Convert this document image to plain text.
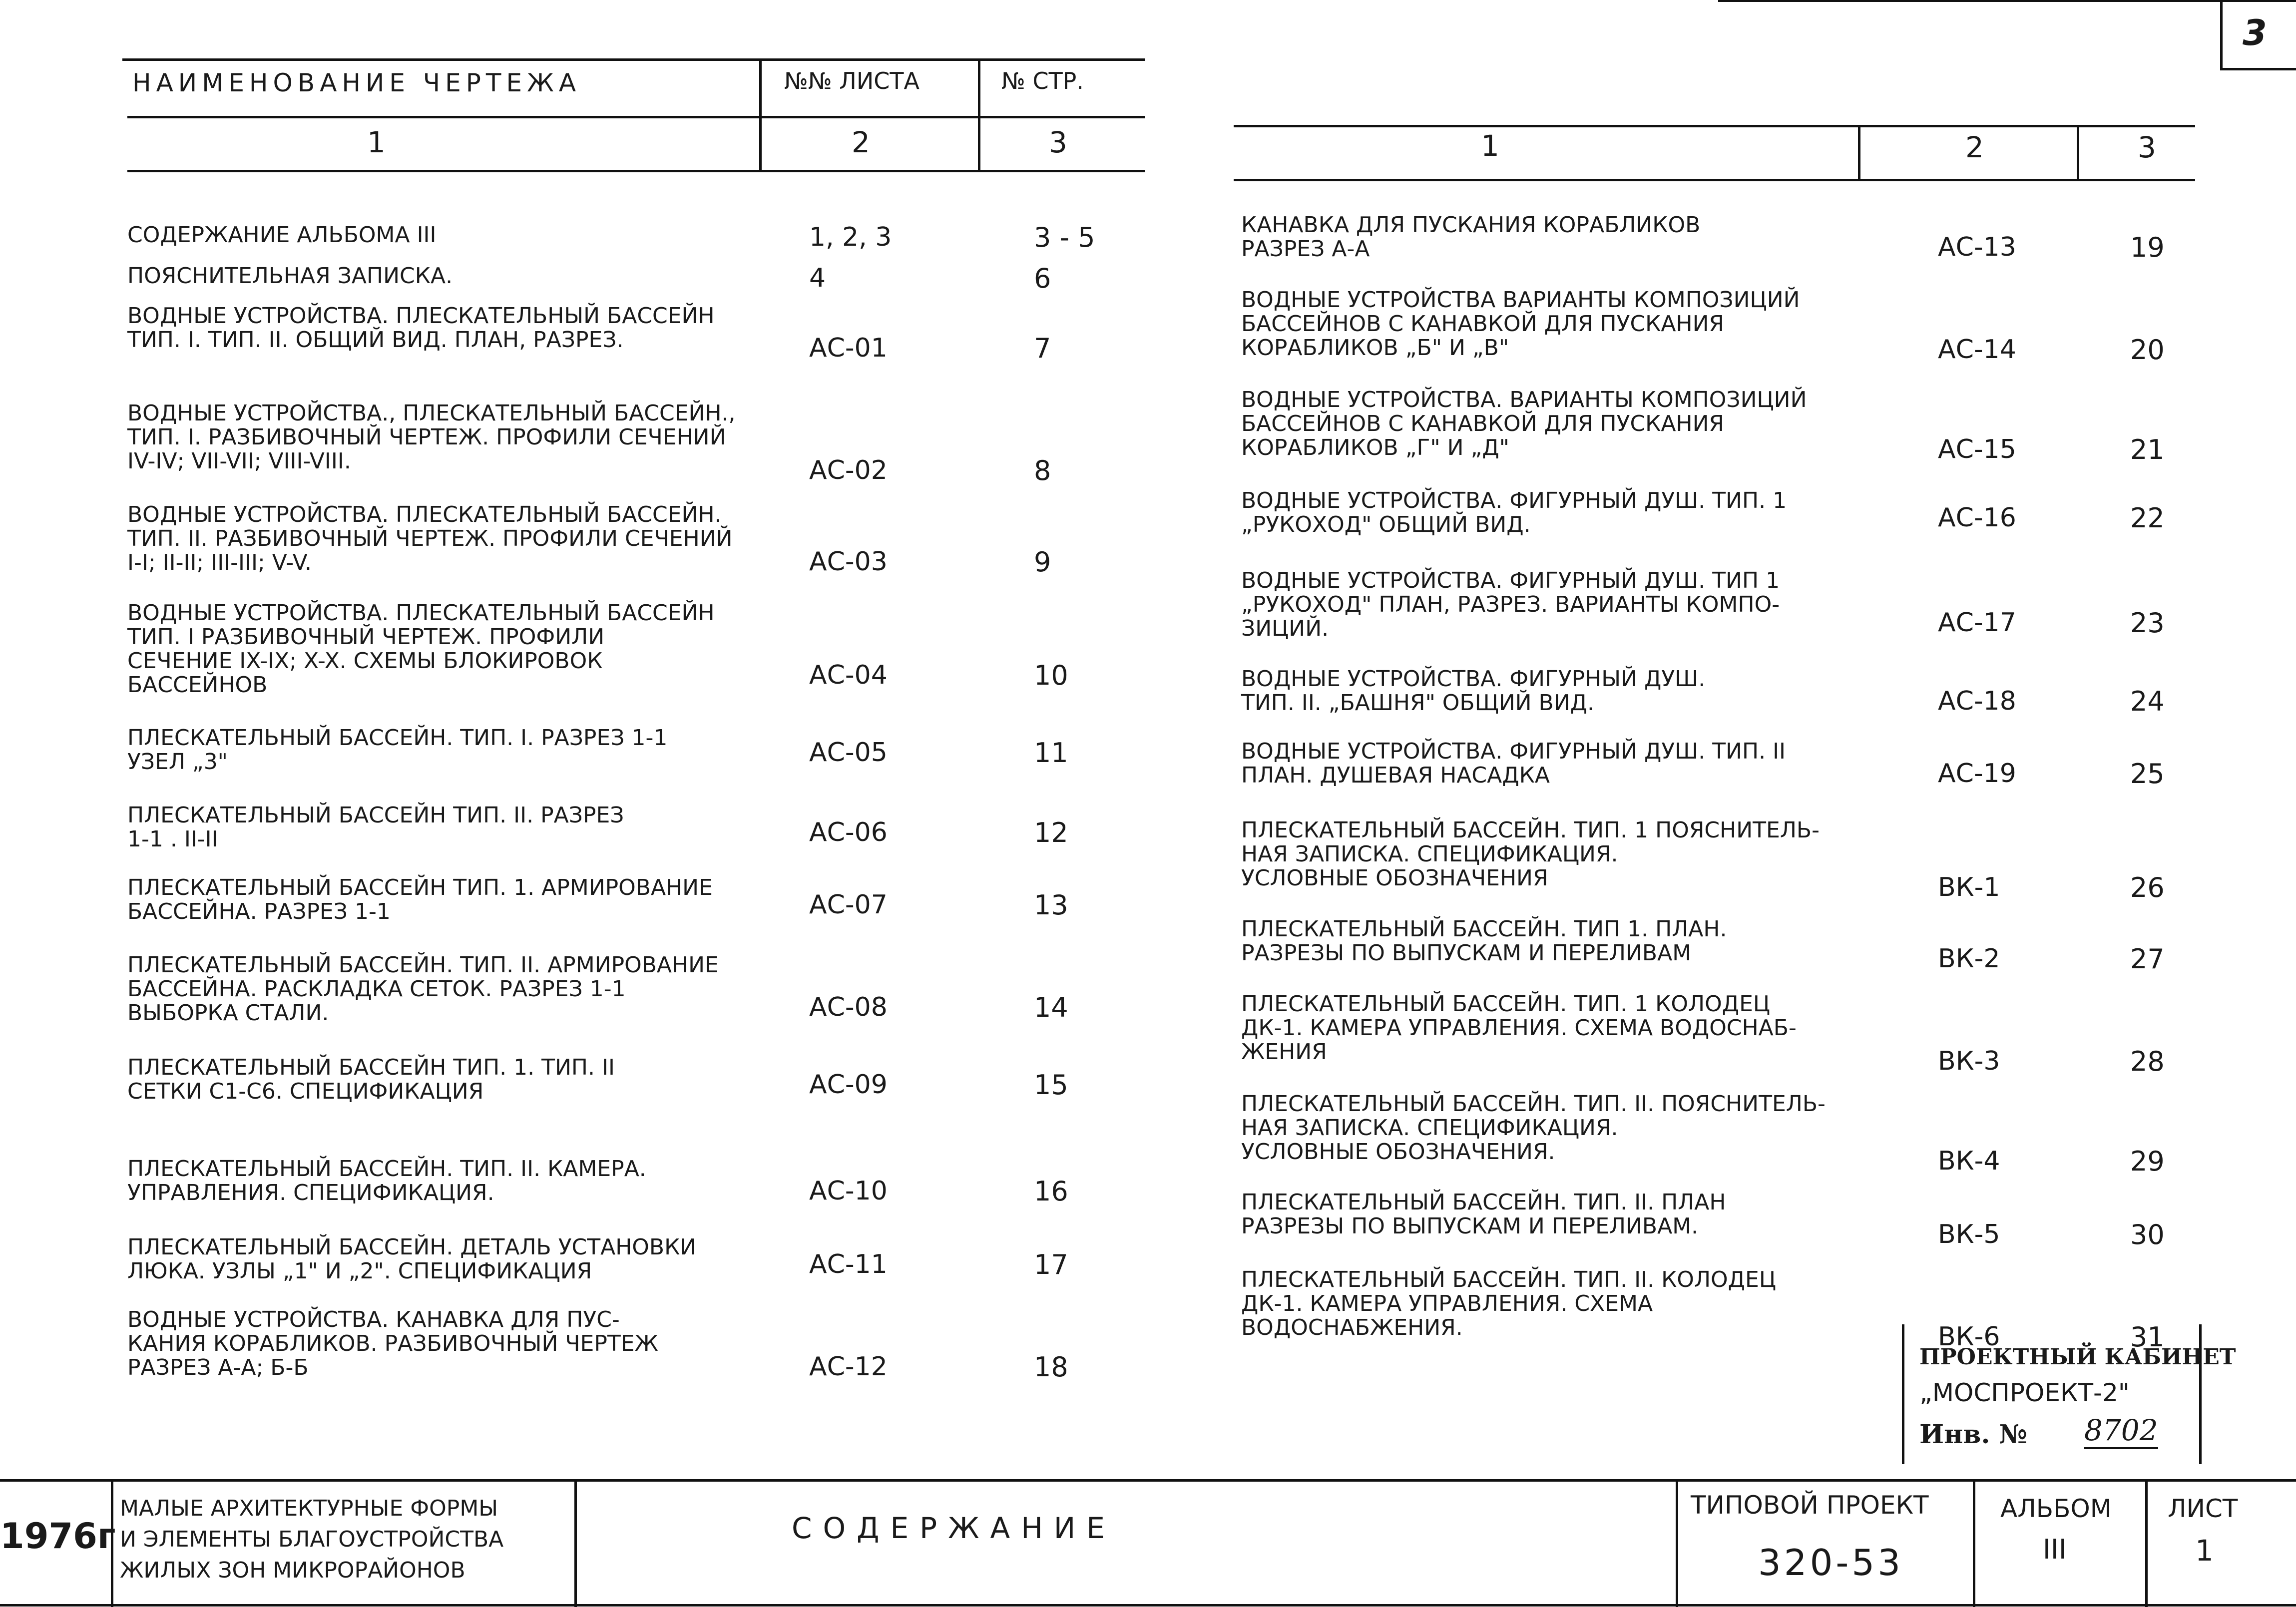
3
НАИМЕНОВАНИЕ ЧЕРТЕЖА	№№ ЛИСТА	№ СТР.
1	2	3
СОДЕРЖАНИЕ АЛЬБОМА III	1, 2, 3	3 - 5
ПОЯСНИТЕЛЬНАЯ ЗАПИСКА.	4	6
ВОДНЫЕ УСТРОЙСТВА. ПЛЕСКАТЕЛЬНЫЙ БАССЕЙН
ТИП. I. ТИП. II. ОБЩИЙ ВИД. ПЛАН, РАЗРЕЗ.	АС-01	7
ВОДНЫЕ УСТРОЙСТВА., ПЛЕСКАТЕЛЬНЫЙ БАССЕЙН.,
ТИП. I. РАЗБИВОЧНЫЙ ЧЕРТЕЖ. ПРОФИЛИ СЕЧЕНИЙ
IV-IV; VII-VII; VIII-VIII.	АС-02	8
ВОДНЫЕ УСТРОЙСТВА. ПЛЕСКАТЕЛЬНЫЙ БАССЕЙН.
ТИП. II. РАЗБИВОЧНЫЙ ЧЕРТЕЖ. ПРОФИЛИ СЕЧЕНИЙ
I-I; II-II; III-III; V-V.	АС-03	9
ВОДНЫЕ УСТРОЙСТВА. ПЛЕСКАТЕЛЬНЫЙ БАССЕЙН
ТИП. I РАЗБИВОЧНЫЙ ЧЕРТЕЖ. ПРОФИЛИ
СЕЧЕНИЕ IX-IX; X-X. СХЕМЫ БЛОКИРОВОК
БАССЕЙНОВ	АС-04	10
ПЛЕСКАТЕЛЬНЫЙ БАССЕЙН. ТИП. I. РАЗРЕЗ 1-1
УЗЕЛ „3"	АС-05	11
ПЛЕСКАТЕЛЬНЫЙ БАССЕЙН ТИП. II. РАЗРЕЗ
1-1 . II-II	АС-06	12
ПЛЕСКАТЕЛЬНЫЙ БАССЕЙН ТИП. 1. АРМИРОВАНИЕ
БАССЕЙНА. РАЗРЕЗ 1-1	АС-07	13
ПЛЕСКАТЕЛЬНЫЙ БАССЕЙН. ТИП. II. АРМИРОВАНИЕ
БАССЕЙНА. РАСКЛАДКА СЕТОК. РАЗРЕЗ 1-1
ВЫБОРКА СТАЛИ.	АС-08	14
ПЛЕСКАТЕЛЬНЫЙ БАССЕЙН ТИП. 1. ТИП. II
СЕТКИ С1-С6. СПЕЦИФИКАЦИЯ	АС-09	15
ПЛЕСКАТЕЛЬНЫЙ БАССЕЙН. ТИП. II. КАМЕРА.
УПРАВЛЕНИЯ. СПЕЦИФИКАЦИЯ.	АС-10	16
ПЛЕСКАТЕЛЬНЫЙ БАССЕЙН. ДЕТАЛЬ УСТАНОВКИ
ЛЮКА. УЗЛЫ „1" И „2". СПЕЦИФИКАЦИЯ	АС-11	17
ВОДНЫЕ УСТРОЙСТВА. КАНАВКА ДЛЯ ПУС-
КАНИЯ КОРАБЛИКОВ. РАЗБИВОЧНЫЙ ЧЕРТЕЖ
РАЗРЕЗ А-А; Б-Б	АС-12	18
1	2	3
КАНАВКА ДЛЯ ПУСКАНИЯ КОРАБЛИКОВ
РАЗРЕЗ А-А	АС-13	19
ВОДНЫЕ УСТРОЙСТВА ВАРИАНТЫ КОМПОЗИЦИЙ
БАССЕЙНОВ С КАНАВКОЙ ДЛЯ ПУСКАНИЯ
КОРАБЛИКОВ „Б" И „В"	АС-14	20
ВОДНЫЕ УСТРОЙСТВА. ВАРИАНТЫ КОМПОЗИЦИЙ
БАССЕЙНОВ С КАНАВКОЙ ДЛЯ ПУСКАНИЯ
КОРАБЛИКОВ „Г" И „Д"	АС-15	21
ВОДНЫЕ УСТРОЙСТВА. ФИГУРНЫЙ ДУШ. ТИП. 1
„РУКОХОД" ОБЩИЙ ВИД.	АС-16	22
ВОДНЫЕ УСТРОЙСТВА. ФИГУРНЫЙ ДУШ. ТИП 1
„РУКОХОД" ПЛАН, РАЗРЕЗ. ВАРИАНТЫ КОМПО-
ЗИЦИЙ.	АС-17	23
ВОДНЫЕ УСТРОЙСТВА. ФИГУРНЫЙ ДУШ.
ТИП. II. „БАШНЯ" ОБЩИЙ ВИД.	АС-18	24
ВОДНЫЕ УСТРОЙСТВА. ФИГУРНЫЙ ДУШ. ТИП. II
ПЛАН. ДУШЕВАЯ НАСАДКА	АС-19	25
ПЛЕСКАТЕЛЬНЫЙ БАССЕЙН. ТИП. 1 ПОЯСНИТЕЛЬ-
НАЯ ЗАПИСКА. СПЕЦИФИКАЦИЯ.
УСЛОВНЫЕ ОБОЗНАЧЕНИЯ	ВК-1	26
ПЛЕСКАТЕЛЬНЫЙ БАССЕЙН. ТИП 1. ПЛАН.
РАЗРЕЗЫ ПО ВЫПУСКАМ И ПЕРЕЛИВАМ	ВК-2	27
ПЛЕСКАТЕЛЬНЫЙ БАССЕЙН. ТИП. 1 КОЛОДЕЦ
ДК-1. КАМЕРА УПРАВЛЕНИЯ. СХЕМА ВОДОСНАБ-
ЖЕНИЯ	ВК-3	28
ПЛЕСКАТЕЛЬНЫЙ БАССЕЙН. ТИП. II. ПОЯСНИТЕЛЬ-
НАЯ ЗАПИСКА. СПЕЦИФИКАЦИЯ.
УСЛОВНЫЕ ОБОЗНАЧЕНИЯ.	ВК-4	29
ПЛЕСКАТЕЛЬНЫЙ БАССЕЙН. ТИП. II. ПЛАН
РАЗРЕЗЫ ПО ВЫПУСКАМ И ПЕРЕЛИВАМ.	ВК-5	30
ПЛЕСКАТЕЛЬНЫЙ БАССЕЙН. ТИП. II. КОЛОДЕЦ
ДК-1. КАМЕРА УПРАВЛЕНИЯ. СХЕМА
ВОДОСНАБЖЕНИЯ.	ВК-6	31
ПРОЕКТНЫЙ КАБИНЕТ
„МОСПРОЕКТ-2"
Инв. № 8702
1976г
МАЛЫЕ АРХИТЕКТУРНЫЕ ФОРМЫ
И ЭЛЕМЕНТЫ БЛАГОУСТРОЙСТВА
ЖИЛЫХ ЗОН МИКРОРАЙОНОВ
СОДЕРЖАНИЕ
ТИПОВОЙ ПРОЕКТ
320-53
АЛЬБОМ
III
ЛИСТ
1
